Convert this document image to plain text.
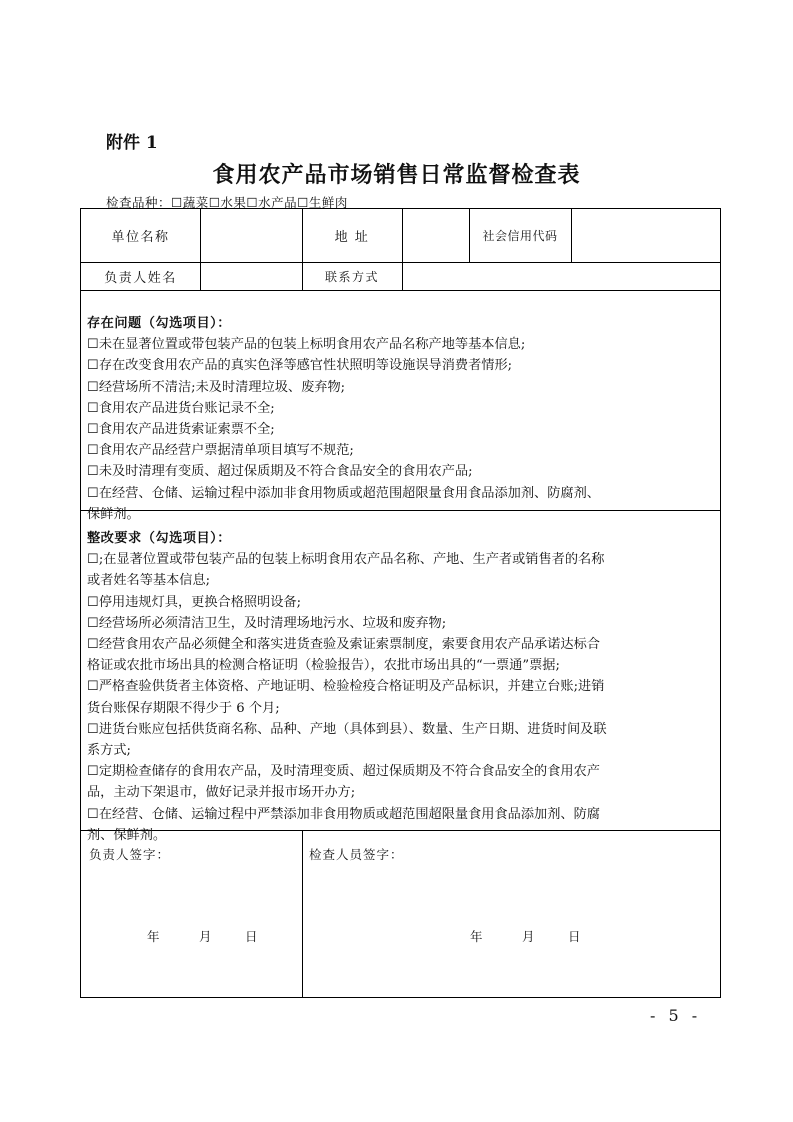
附件 1
食用农产品市场销售日常监督检查表
检查品种：☐蔬菜☐水果☐水产品☐生鲜肉
单位名称	地 址	社会信用代码
负责人姓名	联系方式
存在问题（勾选项目）：
☐未在显著位置或带包装产品的包装上标明食用农产品名称产地等基本信息;
☐存在改变食用农产品的真实色泽等感官性状照明等设施误导消费者情形;
☐经营场所不清洁;未及时清理垃圾、废弃物;
☐食用农产品进货台账记录不全;
☐食用农产品进货索证索票不全;
☐食用农产品经营户票据清单项目填写不规范;
☐未及时清理有变质、超过保质期及不符合食品安全的食用农产品;
☐在经营、仓储、运输过程中添加非食用物质或超范围超限量食用食品添加剂、防腐剂、
保鲜剂。
整改要求（勾选项目）：
☐;在显著位置或带包装产品的包装上标明食用农产品名称、产地、生产者或销售者的名称
或者姓名等基本信息;
☐停用违规灯具，更换合格照明设备;
☐经营场所必须清洁卫生，及时清理场地污水、垃圾和废弃物;
☐经营食用农产品必须健全和落实进货查验及索证索票制度，索要食用农产品承诺达标合
格证或农批市场出具的检测合格证明（检验报告），农批市场出具的“一票通”票据;
☐严格查验供货者主体资格、产地证明、检验检疫合格证明及产品标识，并建立台账;进销
货台账保存期限不得少于 6 个月;
☐进货台账应包括供货商名称、品种、产地（具体到县）、数量、生产日期、进货时间及联
系方式;
☐定期检查储存的食用农产品，及时清理变质、超过保质期及不符合食品安全的食用农产
品，主动下架退市，做好记录并报市场开办方;
☐在经营、仓储、运输过程中严禁添加非食用物质或超范围超限量食用食品添加剂、防腐
剂、保鲜剂。
负责人签字：	检查人员签字：
年	月	日	年	月	日
- 5 -
